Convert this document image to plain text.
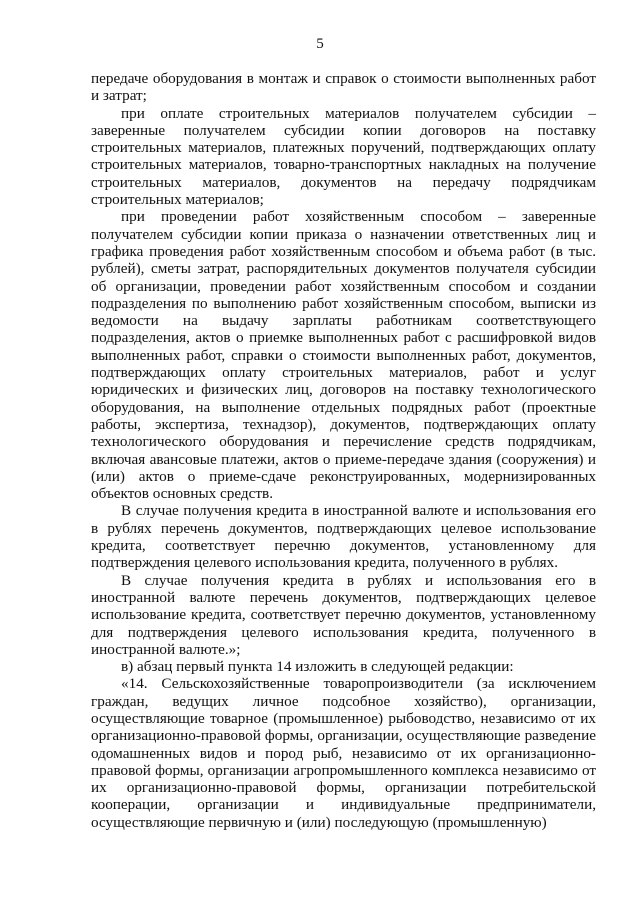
5

передаче оборудования в монтаж и справок о стоимости выполненных работ и затрат;

при оплате строительных материалов получателем субсидии – заверенные получателем субсидии копии договоров на поставку строительных материалов, платежных поручений, подтверждающих оплату строительных материалов, товарно-транспортных накладных на получение строительных материалов, документов на передачу подрядчикам строительных материалов;

при проведении работ хозяйственным способом – заверенные получателем субсидии копии приказа о назначении ответственных лиц и графика проведения работ хозяйственным способом и объема работ (в тыс. рублей), сметы затрат, распорядительных документов получателя субсидии об организации, проведении работ хозяйственным способом и создании подразделения по выполнению работ хозяйственным способом, выписки из ведомости на выдачу зарплаты работникам соответствующего подразделения, актов о приемке выполненных работ с расшифровкой видов выполненных работ, справки о стоимости выполненных работ, документов, подтверждающих оплату строительных материалов, работ и услуг юридических и физических лиц, договоров на поставку технологического оборудования, на выполнение отдельных подрядных работ (проектные работы, экспертиза, технадзор), документов, подтверждающих оплату технологического оборудования и перечисление средств подрядчикам, включая авансовые платежи, актов о приеме-передаче здания (сооружения) и (или) актов о приеме-сдаче реконструированных, модернизированных объектов основных средств.

В случае получения кредита в иностранной валюте и использования его в рублях перечень документов, подтверждающих целевое использование кредита, соответствует перечню документов, установленному для подтверждения целевого использования кредита, полученного в рублях.

В случае получения кредита в рублях и использования его в иностранной валюте перечень документов, подтверждающих целевое использование кредита, соответствует перечню документов, установленному для подтверждения целевого использования кредита, полученного в иностранной валюте.»;

в) абзац первый пункта 14 изложить в следующей редакции:

«14. Сельскохозяйственные товаропроизводители (за исключением граждан, ведущих личное подсобное хозяйство), организации, осуществляющие товарное (промышленное) рыбоводство, независимо от их организационно-правовой формы, организации, осуществляющие разведение одомашненных видов и пород рыб, независимо от их организационно-правовой формы, организации агропромышленного комплекса независимо от их организационно-правовой формы, организации потребительской кооперации, организации и индивидуальные предприниматели, осуществляющие первичную и (или) последующую (промышленную)
